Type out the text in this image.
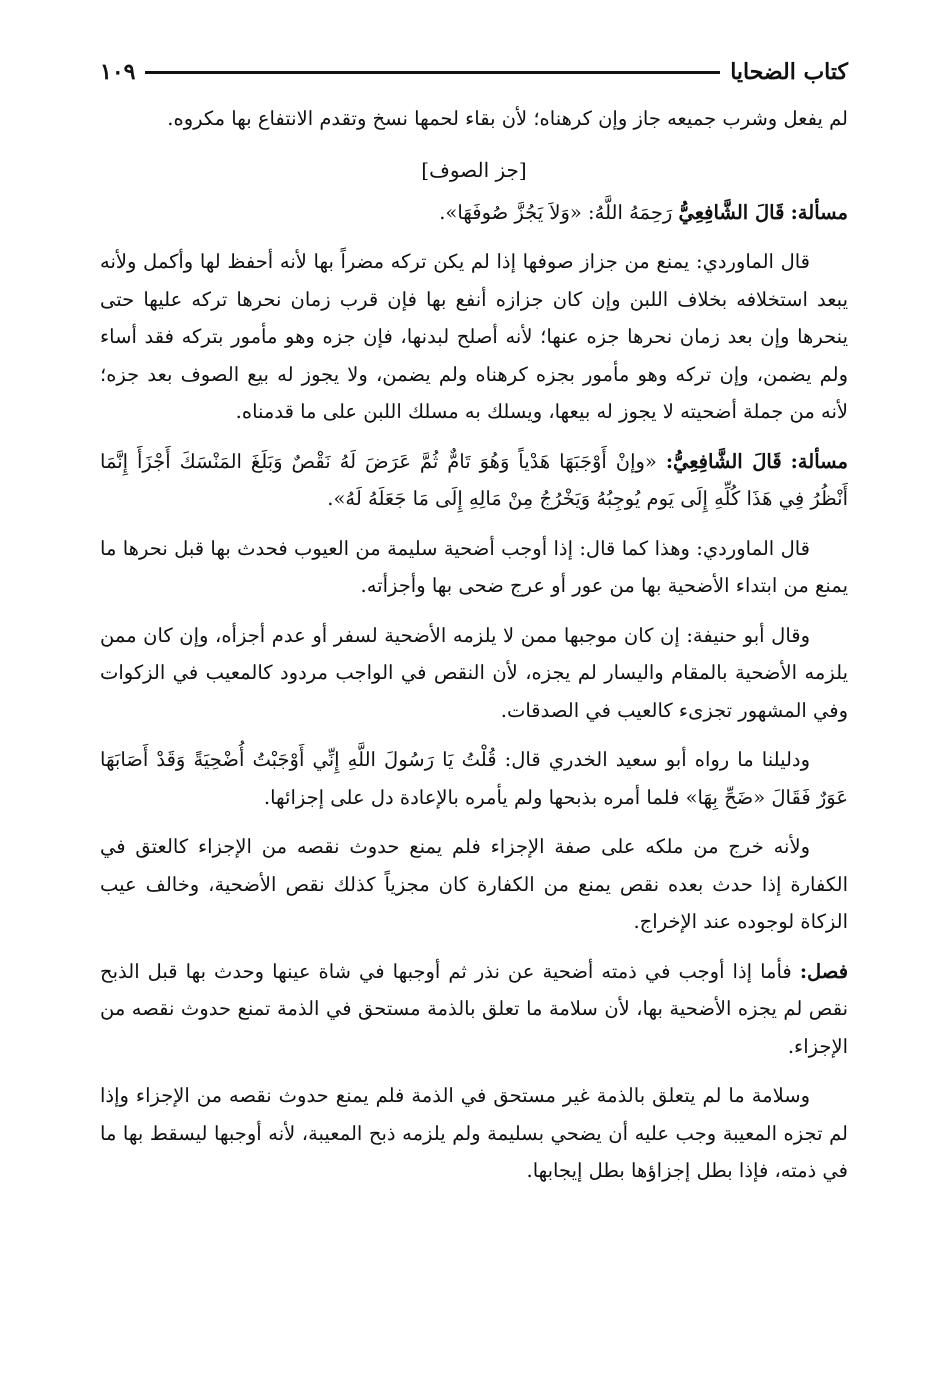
كتاب الضحايا
١٠٩

لم يفعل وشرب جميعه جاز وإن كرهناه؛ لأن بقاء لحمها نسخ وتقدم الانتفاع بها مكروه.

[جز الصوف]

مسألة: قَالَ الشَّافِعِيُّ رَحِمَهُ اللَّهُ: «وَلاَ يَجُزَّ صُوفَهَا».

قال الماوردي: يمنع من جزاز صوفها إذا لم يكن تركه مضراً بها لأنه أحفظ لها وأكمل ولأنه يبعد استخلافه بخلاف اللبن وإن كان جزازه أنفع بها فإن قرب زمان نحرها تركه عليها حتى ينحرها وإن بعد زمان نحرها جزه عنها؛ لأنه أصلح لبدنها، فإن جزه وهو مأمور بتركه فقد أساء ولم يضمن، وإن تركه وهو مأمور بجزه كرهناه ولم يضمن، ولا يجوز له بيع الصوف بعد جزه؛ لأنه من جملة أضحيته لا يجوز له بيعها، ويسلك به مسلك اللبن على ما قدمناه.

مسألة: قَالَ الشَّافِعِيُّ: «وإنْ أَوْجَبَهَا هَدْياً وَهُوَ تَامٌّ ثُمَّ عَرَضَ لَهُ نَقْصٌ وَبَلَغَ المَنْسَكَ أَجْزَأَ إِنَّمَا أَنْظُرُ فِي هَذَا كُلِّهِ إِلَى يَوم يُوجِبُهُ وَيَخْرُجُ مِنْ مَالِهِ إِلَى مَا جَعَلَهُ لَهُ».

قال الماوردي: وهذا كما قال: إذا أوجب أضحية سليمة من العيوب فحدث بها قبل نحرها ما يمنع من ابتداء الأضحية بها من عور أو عرج ضحى بها وأجزأته.

وقال أبو حنيفة: إن كان موجبها ممن لا يلزمه الأضحية لسفر أو عدم أجزأه، وإن كان ممن يلزمه الأضحية بالمقام واليسار لم يجزه، لأن النقص في الواجب مردود كالمعيب في الزكوات وفي المشهور تجزىء كالعيب في الصدقات.

ودليلنا ما رواه أبو سعيد الخدري قال: قُلْتُ يَا رَسُولَ اللَّهِ إِنِّي أَوْجَبْتُ أُضْحِيَةً وَقَدْ أَصَابَهَا عَوَرٌ فَقَالَ «ضَحِّ بِهَا» فلما أمره بذبحها ولم يأمره بالإعادة دل على إجزائها.

ولأنه خرج من ملكه على صفة الإجزاء فلم يمنع حدوث نقصه من الإجزاء كالعتق في الكفارة إذا حدث بعده نقص يمنع من الكفارة كان مجزياً كذلك نقص الأضحية، وخالف عيب الزكاة لوجوده عند الإخراج.

فصل: فأما إذا أوجب في ذمته أضحية عن نذر ثم أوجبها في شاة عينها وحدث بها قبل الذبح نقص لم يجزه الأضحية بها، لأن سلامة ما تعلق بالذمة مستحق في الذمة تمنع حدوث نقصه من الإجزاء.

وسلامة ما لم يتعلق بالذمة غير مستحق في الذمة فلم يمنع حدوث نقصه من الإجزاء وإذا لم تجزه المعيبة وجب عليه أن يضحي بسليمة ولم يلزمه ذبح المعيبة، لأنه أوجبها ليسقط بها ما في ذمته، فإذا بطل إجزاؤها بطل إيجابها.
